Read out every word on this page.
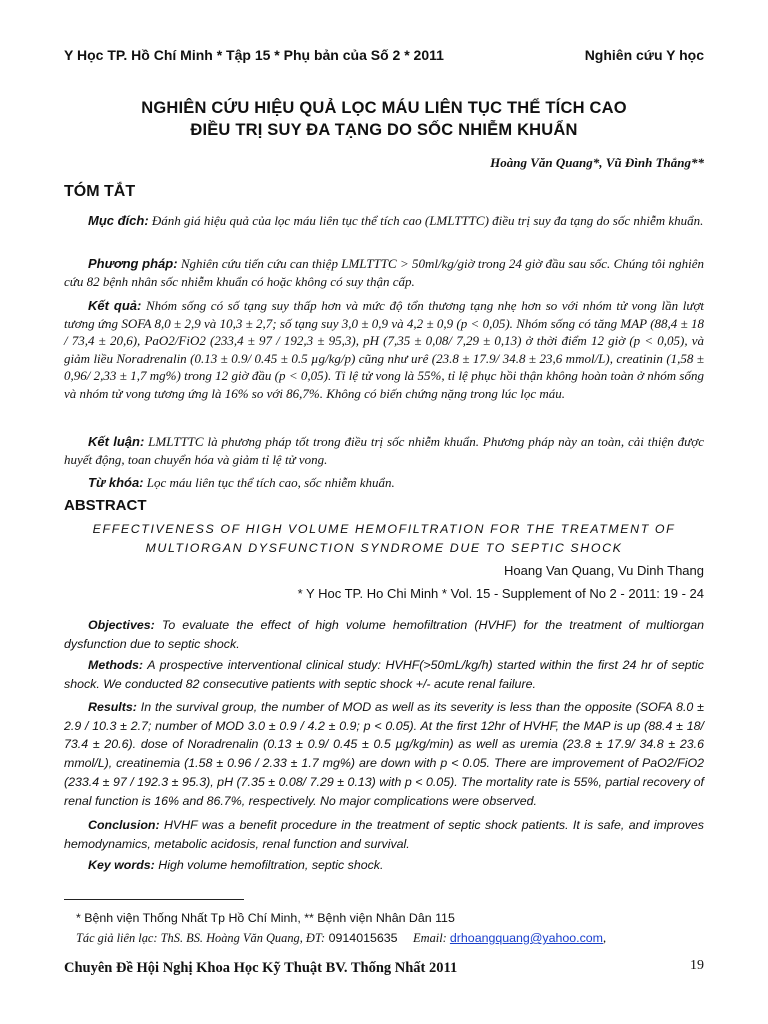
Y Học TP. Hồ Chí Minh * Tập 15 * Phụ bản của Số 2 * 2011	Nghiên cứu Y học
NGHIÊN CỨU HIỆU QUẢ LỌC MÁU LIÊN TỤC THỂ TÍCH CAO
ĐIỀU TRỊ SUY ĐA TẠNG DO SỐC NHIỄM KHUẨN
Hoàng Văn Quang*, Vũ Đình Thắng**
TÓM TẮT
Mục đích: Đánh giá hiệu quả của lọc máu liên tục thể tích cao (LMLTTTC) điều trị suy đa tạng do sốc nhiễm khuẩn.
Phương pháp: Nghiên cứu tiến cứu can thiệp LMLTTTC > 50ml/kg/giờ trong 24 giờ đầu sau sốc. Chúng tôi nghiên cứu 82 bệnh nhân sốc nhiễm khuẩn có hoặc không có suy thận cấp.
Kết quả: Nhóm sống có số tạng suy thấp hơn và mức độ tổn thương tạng nhẹ hơn so với nhóm tử vong lần lượt tương ứng SOFA 8,0 ± 2,9 và 10,3 ± 2,7; số tạng suy 3,0 ± 0,9 và 4,2 ± 0,9 (p < 0,05). Nhóm sống có tăng MAP (88,4 ± 18 / 73,4 ± 20,6), PaO2/FiO2 (233,4 ± 97 / 192,3 ± 95,3), pH (7,35 ± 0,08/ 7,29 ± 0,13) ở thời điểm 12 giờ (p < 0,05), và giảm liều Noradrenalin (0.13 ± 0.9/ 0.45 ± 0.5 µg/kg/p) cũng như urê (23.8 ± 17.9/ 34.8 ± 23,6 mmol/L), creatinin (1,58 ± 0,96/ 2,33 ± 1,7 mg%) trong 12 giờ đầu (p < 0,05). Tỉ lệ tử vong là 55%, tỉ lệ phục hồi thận không hoàn toàn ở nhóm sống và nhóm tử vong tương ứng là 16% so với 86,7%. Không có biến chứng nặng trong lúc lọc máu.
Kết luận: LMLTTTC là phương pháp tốt trong điều trị sốc nhiễm khuẩn. Phương pháp này an toàn, cải thiện được huyết động, toan chuyển hóa và giảm tỉ lệ tử vong.
Từ khóa: Lọc máu liên tục thể tích cao, sốc nhiễm khuẩn.
ABSTRACT
EFFECTIVENESS OF HIGH VOLUME HEMOFILTRATION FOR THE TREATMENT OF
MULTIORGAN DYSFUNCTION SYNDROME DUE TO SEPTIC SHOCK
Hoang Van Quang, Vu Dinh Thang
* Y Hoc TP. Ho Chi Minh * Vol. 15 - Supplement of No 2 - 2011: 19 - 24
Objectives: To evaluate the effect of high volume hemofiltration (HVHF) for the treatment of multiorgan dysfunction due to septic shock.
Methods: A prospective interventional clinical study: HVHF(>50mL/kg/h) started within the first 24 hr of septic shock. We conducted 82 consecutive patients with septic shock +/- acute renal failure.
Results: In the survival group, the number of MOD as well as its severity is less than the opposite (SOFA 8.0 ± 2.9 / 10.3 ± 2.7; number of MOD 3.0 ± 0.9 / 4.2 ± 0.9; p < 0.05). At the first 12hr of HVHF, the MAP is up (88.4 ± 18/ 73.4 ± 20.6). dose of Noradrenalin (0.13 ± 0.9/ 0.45 ± 0.5 µg/kg/min) as well as uremia (23.8 ± 17.9/ 34.8 ± 23.6 mmol/L), creatinemia (1.58 ± 0.96 / 2.33 ± 1.7 mg%) are down with p < 0.05. There are improvement of PaO2/FiO2 (233.4 ± 97 / 192.3 ± 95.3), pH (7.35 ± 0.08/ 7.29 ± 0.13) with p < 0.05). The mortality rate is 55%, partial recovery of renal function is 16% and 86.7%, respectively. No major complications were observed.
Conclusion: HVHF was a benefit procedure in the treatment of septic shock patients. It is safe, and improves hemodynamics, metabolic acidosis, renal function and survival.
Key words: High volume hemofiltration, septic shock.
* Bệnh viện Thống Nhất Tp Hồ Chí Minh, ** Bệnh viện Nhân Dân 115
Tác giả liên lạc: ThS. BS. Hoàng Văn Quang, ĐT: 0914015635 Email: drhoangquang@yahoo.com,
Chuyên Đề Hội Nghị Khoa Học Kỹ Thuật BV. Thống Nhất 2011	19
